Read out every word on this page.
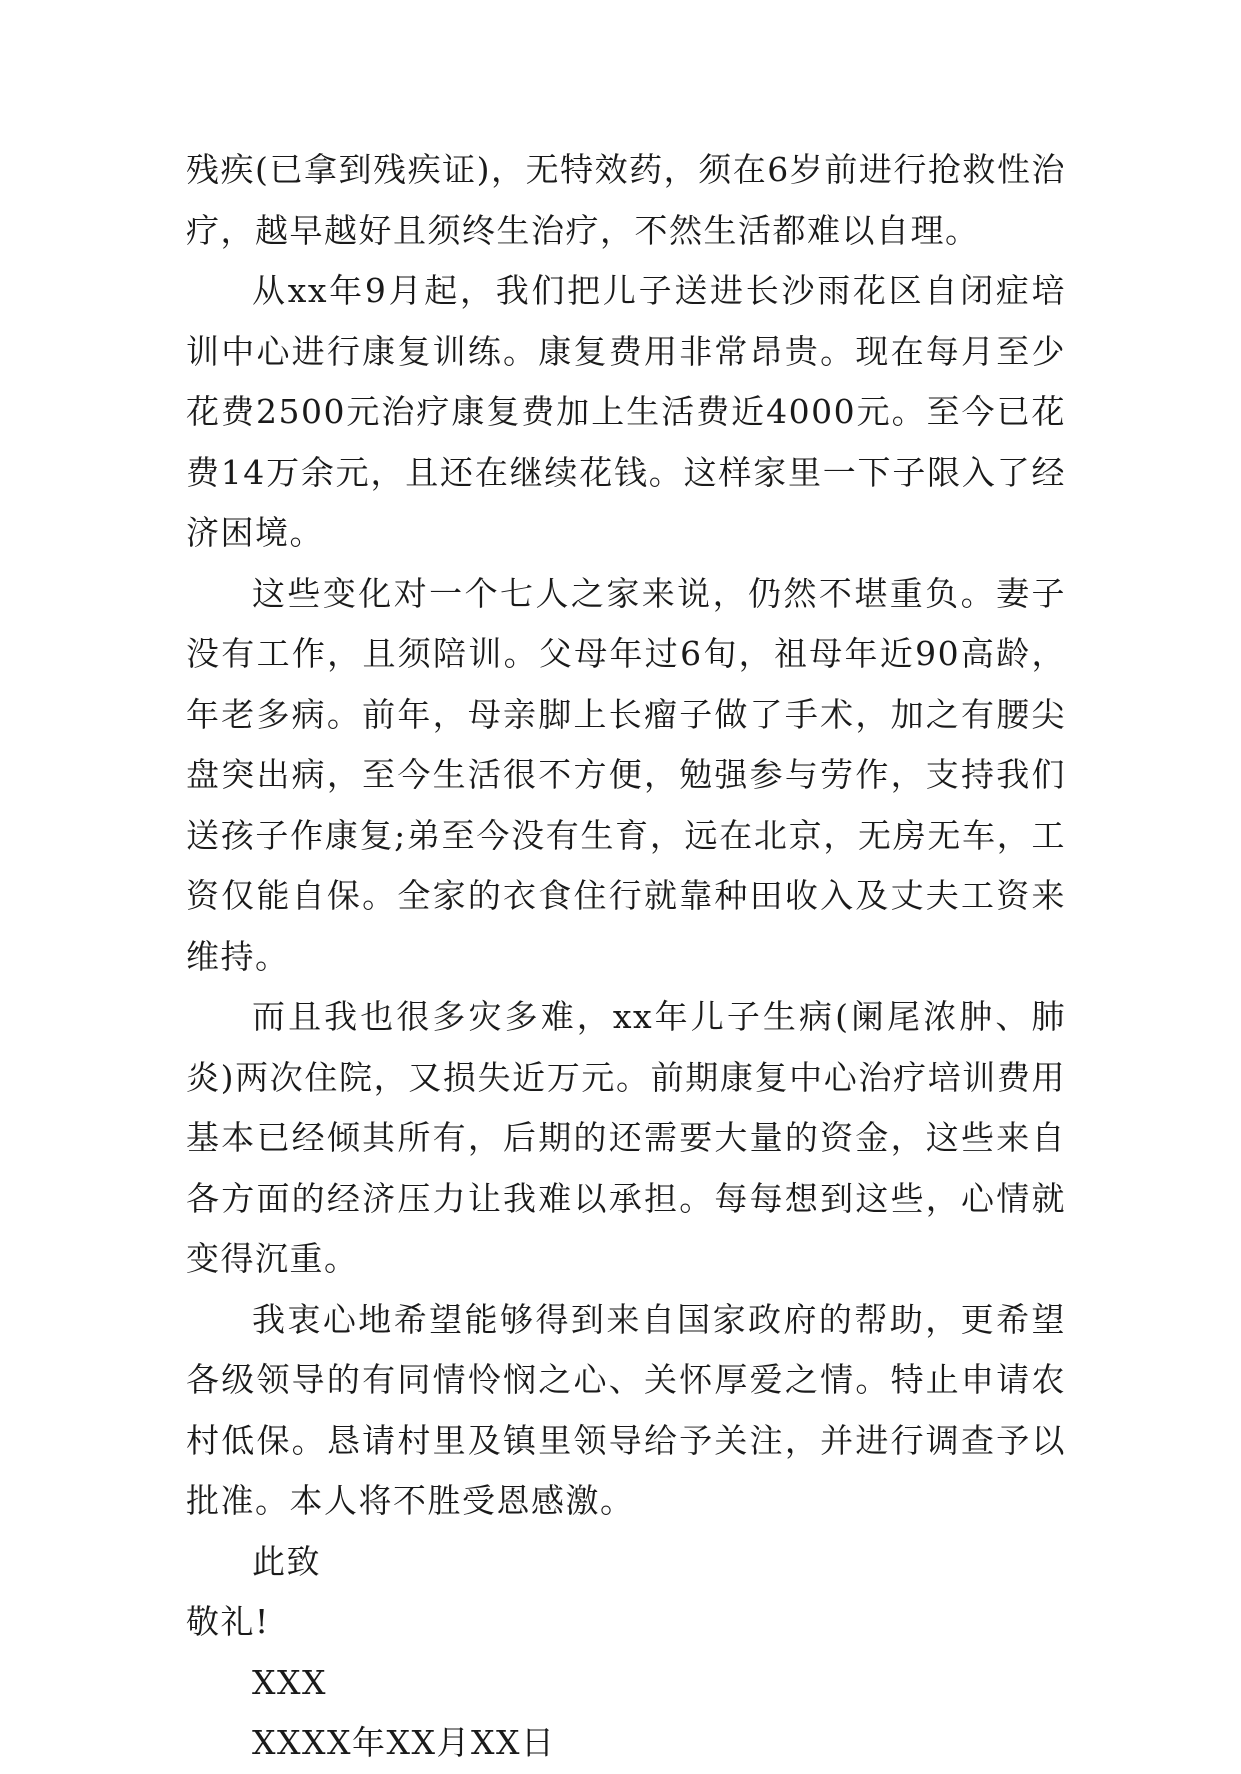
残疾(已拿到残疾证)，无特效药，须在6岁前进行抢救性治疗，越早越好且须终生治疗，不然生活都难以自理。

从xx年9月起，我们把儿子送进长沙雨花区自闭症培训中心进行康复训练。康复费用非常昂贵。现在每月至少花费2500元治疗康复费加上生活费近4000元。至今已花费14万余元，且还在继续花钱。这样家里一下子限入了经济困境。

这些变化对一个七人之家来说，仍然不堪重负。妻子没有工作，且须陪训。父母年过6旬，祖母年近90高龄，年老多病。前年，母亲脚上长瘤子做了手术，加之有腰尖盘突出病，至今生活很不方便，勉强参与劳作，支持我们送孩子作康复;弟至今没有生育，远在北京，无房无车，工资仅能自保。全家的衣食住行就靠种田收入及丈夫工资来维持。

而且我也很多灾多难，xx年儿子生病(阑尾浓肿、肺炎)两次住院，又损失近万元。前期康复中心治疗培训费用基本已经倾其所有，后期的还需要大量的资金，这些来自各方面的经济压力让我难以承担。每每想到这些，心情就变得沉重。

我衷心地希望能够得到来自国家政府的帮助，更希望各级领导的有同情怜悯之心、关怀厚爱之情。特止申请农村低保。恳请村里及镇里领导给予关注，并进行调查予以批准。本人将不胜受恩感激。

此致

敬礼!

XXX

XXXX年XX月XX日
